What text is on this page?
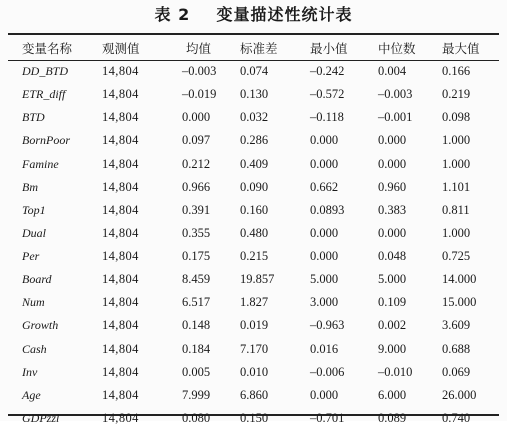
表 2    变量描述性统计表
变量名称	观测值	均值	标准差	最小值	中位数	最大值
DD_BTD	14,804	–0.003	0.074	–0.242	0.004	0.166
ETR_diff	14,804	–0.019	0.130	–0.572	–0.003	0.219
BTD	14,804	0.000	0.032	–0.118	–0.001	0.098
BornPoor	14,804	0.097	0.286	0.000	0.000	1.000
Famine	14,804	0.212	0.409	0.000	0.000	1.000
Bm	14,804	0.966	0.090	0.662	0.960	1.101
Top1	14,804	0.391	0.160	0.0893	0.383	0.811
Dual	14,804	0.355	0.480	0.000	0.000	1.000
Per	14,804	0.175	0.215	0.000	0.048	0.725
Board	14,804	8.459	19.857	5.000	5.000	14.000
Num	14,804	6.517	1.827	3.000	0.109	15.000
Growth	14,804	0.148	0.019	–0.963	0.002	3.609
Cash	14,804	0.184	7.170	0.016	9.000	0.688
Inv	14,804	0.005	0.010	–0.006	–0.010	0.069
Age	14,804	7.999	6.860	0.000	6.000	26.000
GDPzzl	14,804	0.080	0.150	–0.701	0.089	0.740
